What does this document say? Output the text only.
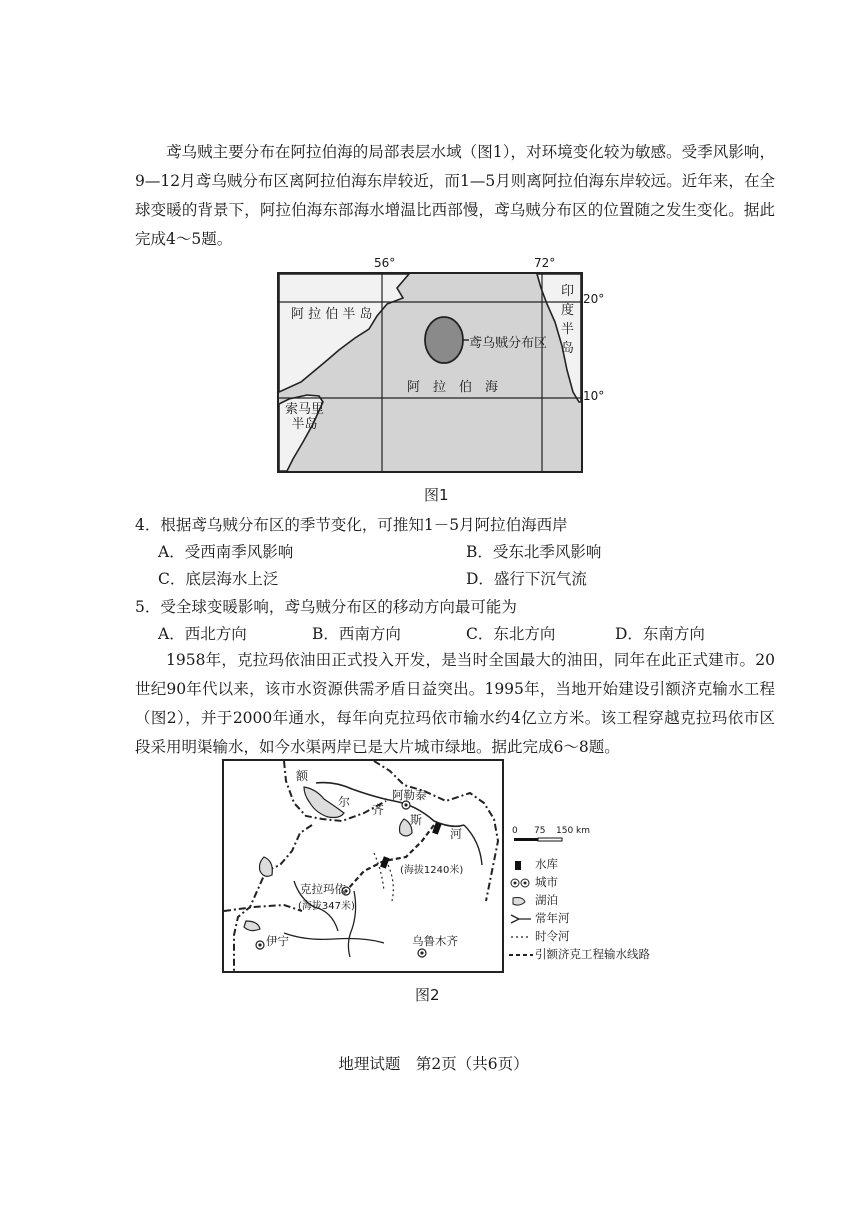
鸢乌贼主要分布在阿拉伯海的局部表层水域（图1），对环境变化较为敏感。受季风影响，9—12月鸢乌贼分布区离阿拉伯海东岸较近，而1—5月则离阿拉伯海东岸较远。近年来，在全球变暖的背景下，阿拉伯海东部海水增温比西部慢，鸢乌贼分布区的位置随之发生变化。据此完成4～5题。

阿 拉 伯 半 岛
鸢乌贼分布区
阿　拉　伯　海
索马里
半岛
印
度
半
岛
56°	72°
20°
10°
图1
4．根据鸢乌贼分布区的季节变化，可推知1－5月阿拉伯海西岸
A．受西南季风影响	B．受东北季风影响
C．底层海水上泛	D．盛行下沉气流
5．受全球变暖影响，鸢乌贼分布区的移动方向最可能为
A．西北方向	B．西南方向	C．东北方向	D．东南方向

1958年，克拉玛依油田正式投入开发，是当时全国最大的油田，同年在此正式建市。20世纪90年代以来，该市水资源供需矛盾日益突出。1995年，当地开始建设引额济克输水工程（图2），并于2000年通水，每年向克拉玛依市输水约4亿立方米。该工程穿越克拉玛依市区段采用明渠输水，如今水渠两岸已是大片城市绿地。据此完成6～8题。

额
尔
齐
斯
河
阿勒泰
(海拔1240米)
克拉玛依
(海拔347米)
伊宁	乌鲁木齐
0 75 150 km
水库
城市
湖泊
常年河
时令河
引额济克工程输水线路
图2
地理试题　第2页（共6页）
